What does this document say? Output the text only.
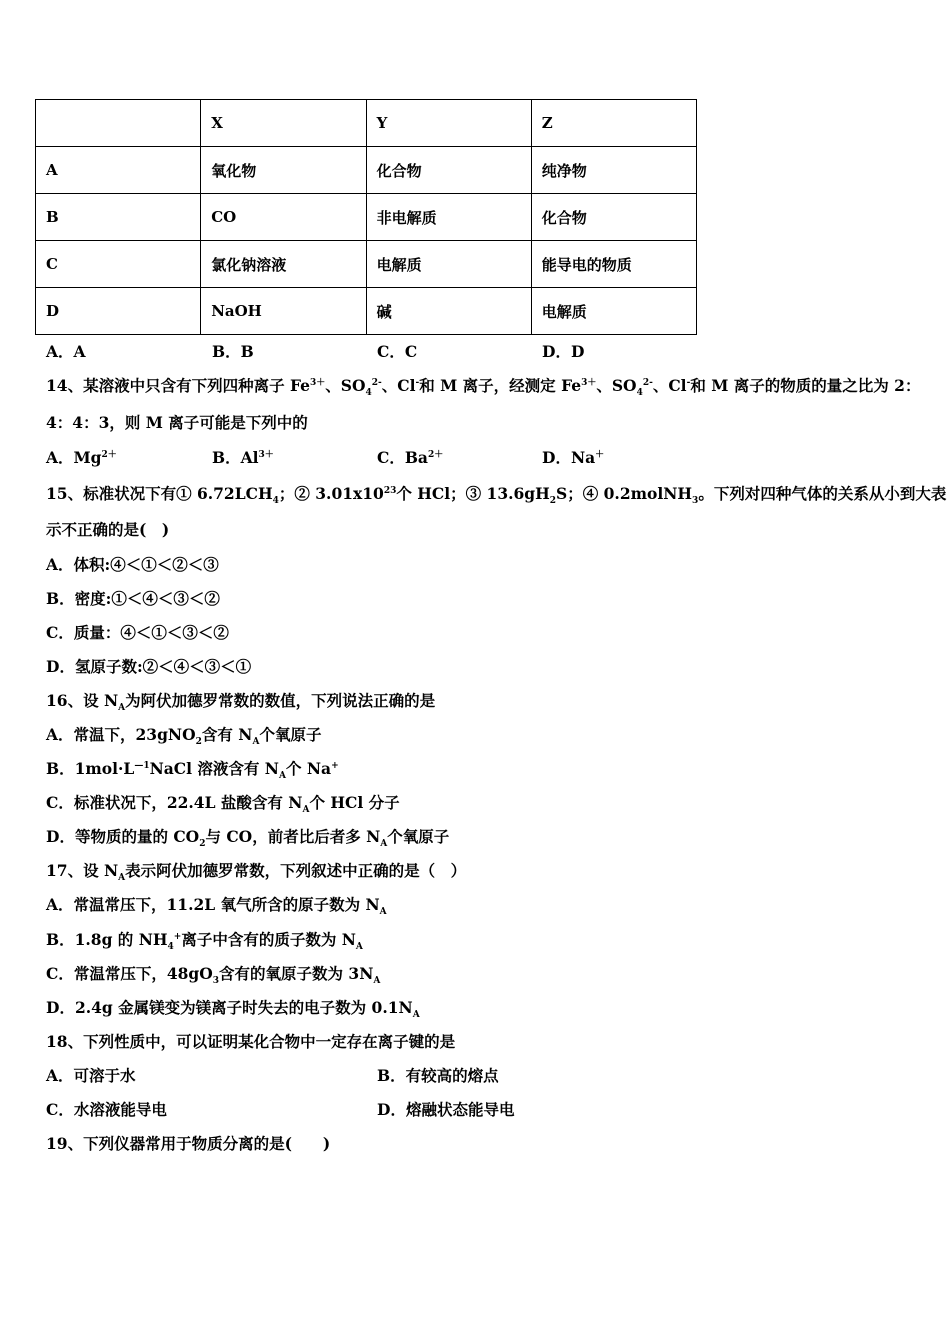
	X	Y	Z
A	氧化物	化合物	纯净物
B	CO	非电解质	化合物
C	氯化钠溶液	电解质	能导电的物质
D	NaOH	碱	电解质
A．A	B．B	C．C	D．D
14、某溶液中只含有下列四种离子 $Fe^{3+}$、$SO_4^{2-}$、Cl-和 M 离子，经测定 $Fe^{3+}$、$SO_4^{2-}$、Cl-和 M 离子的物质的量之比为 2：
4：4：3，则 M 离子可能是下列中的
A．$Mg^{2+}$	B．$Al^{3+}$	C．$Ba^{2+}$	D．Na＋
15、标准状况下有① $6.72LCH_4$；② $3.01x10^{23}$个 HCl；③ $13.6gH_2S$；④ 0.2molNH$_3$。下列对四种气体的关系从小到大表
示不正确的是(　)
A．体积:④＜①＜②＜③
B．密度:①＜④＜③＜②
C．质量：④＜①＜③＜②
D．氢原子数:②＜④＜③＜①
16、设 $N_A$为阿伏加德罗常数的数值，下列说法正确的是
A．常温下，23gNO$_2$含有 $N_A$个氧原子
B．$1mol\cdot L^{—1}NaCl$ 溶液含有 $N_A$个 Na+
C．标准状况下，22.4L 盐酸含有 $N_A$个 HCl 分子
D．等物质的量的 $CO_2$与 CO，前者比后者多 $N_A$个氧原子
17、设 $N_A$表示阿伏加德罗常数，下列叙述中正确的是（　）
A．常温常压下，11.2L 氧气所含的原子数为 $N_A$
B．1.8g 的 $NH_4^+$离子中含有的质子数为 $N_A$
C．常温常压下，$48gO_3$含有的氧原子数为 $3N_A$
D．2.4g 金属镁变为镁离子时失去的电子数为 $0.1N_A$
18、下列性质中，可以证明某化合物中一定存在离子键的是
A．可溶于水	B．有较高的熔点
C．水溶液能导电	D．熔融状态能导电
19、下列仪器常用于物质分离的是(　　)
